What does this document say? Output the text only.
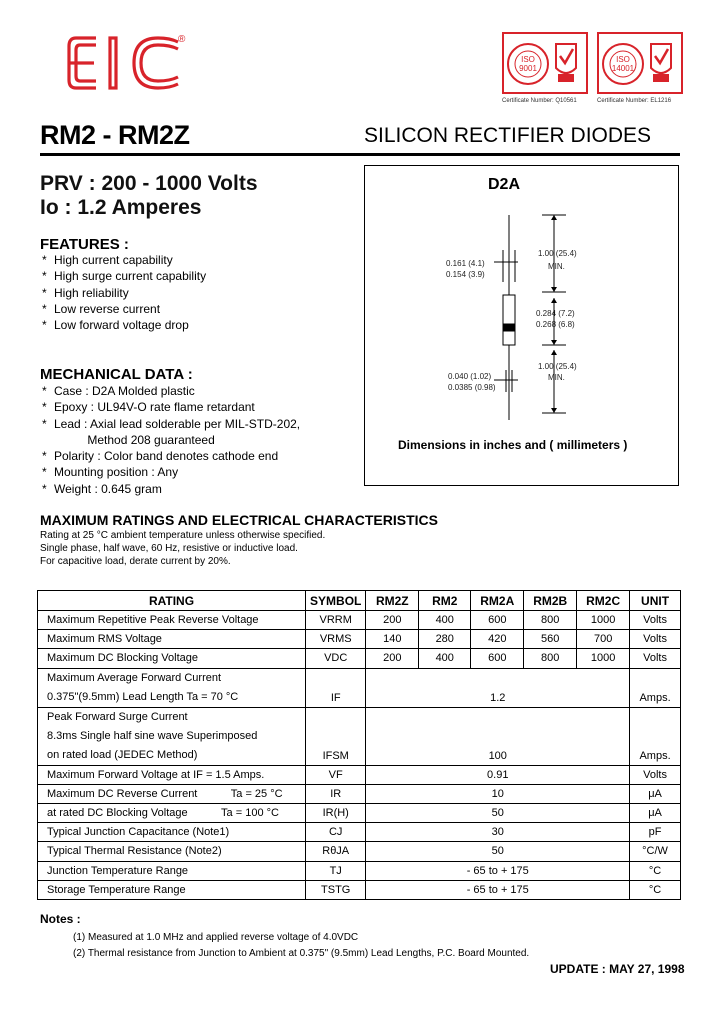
®
ISO
9001
ISO
14001
Certificate Number: Q10561	Certificate Number: EL1216
RM2 - RM2Z	SILICON RECTIFIER DIODES
PRV : 200 - 1000 Volts
Io : 1.2 Amperes
D2A
1.00 (25.4)
MIN.
0.161 (4.1)
0.154 (3.9)
0.284 (7.2)
0.268 (6.8)
1.00 (25.4)
MIN.
0.040 (1.02)
0.0385 (0.98)
Dimensions in inches and ( millimeters )
FEATURES :
* High current capability
* High surge current capability
* High reliability
* Low reverse current
* Low forward voltage drop
MECHANICAL DATA :
* Case : D2A Molded plastic
* Epoxy : UL94V-O rate flame retardant
* Lead : Axial lead solderable per MIL-STD-202,
Method 208 guaranteed
* Polarity : Color band denotes cathode end
* Mounting position : Any
* Weight : 0.645 gram
MAXIMUM RATINGS AND ELECTRICAL CHARACTERISTICS
Rating at 25 °C ambient temperature unless otherwise specified.
Single phase, half wave, 60 Hz, resistive or inductive load.
For capacitive load, derate current by 20%.
RATING	SYMBOL	RM2Z	RM2	RM2A	RM2B	RM2C	UNIT
Maximum Repetitive Peak Reverse Voltage	VRRM	200	400	600	800	1000	Volts
Maximum RMS Voltage	VRMS	140	280	420	560	700	Volts
Maximum DC Blocking Voltage	VDC	200	400	600	800	1000	Volts

Maximum Average Forward Current
0.375"(9.5mm) Lead Length Ta = 70 °C	IF	1.2					Amps.

Peak Forward Surge Current
8.3ms Single half sine wave Superimposed
on rated load (JEDEC Method)	IFSM	100					Amps.
Maximum Forward Voltage at IF = 1.5 Amps.	VF	0.91					Volts
Maximum DC Reverse Current           Ta = 25 °C	IR	10					μA
at rated DC Blocking Voltage           Ta = 100 °C	IR(H)	50					μA
Typical Junction Capacitance (Note1)	CJ	30					pF
Typical Thermal Resistance (Note2)	RθJA	50					°C/W
Junction Temperature Range	TJ	- 65 to + 175					°C
Storage Temperature Range	TSTG	- 65 to + 175					°C
Notes :
(1) Measured at 1.0 MHz and applied reverse voltage of 4.0VDC
(2) Thermal resistance from Junction to Ambient at 0.375" (9.5mm) Lead Lengths, P.C. Board Mounted.
UPDATE : MAY 27, 1998
